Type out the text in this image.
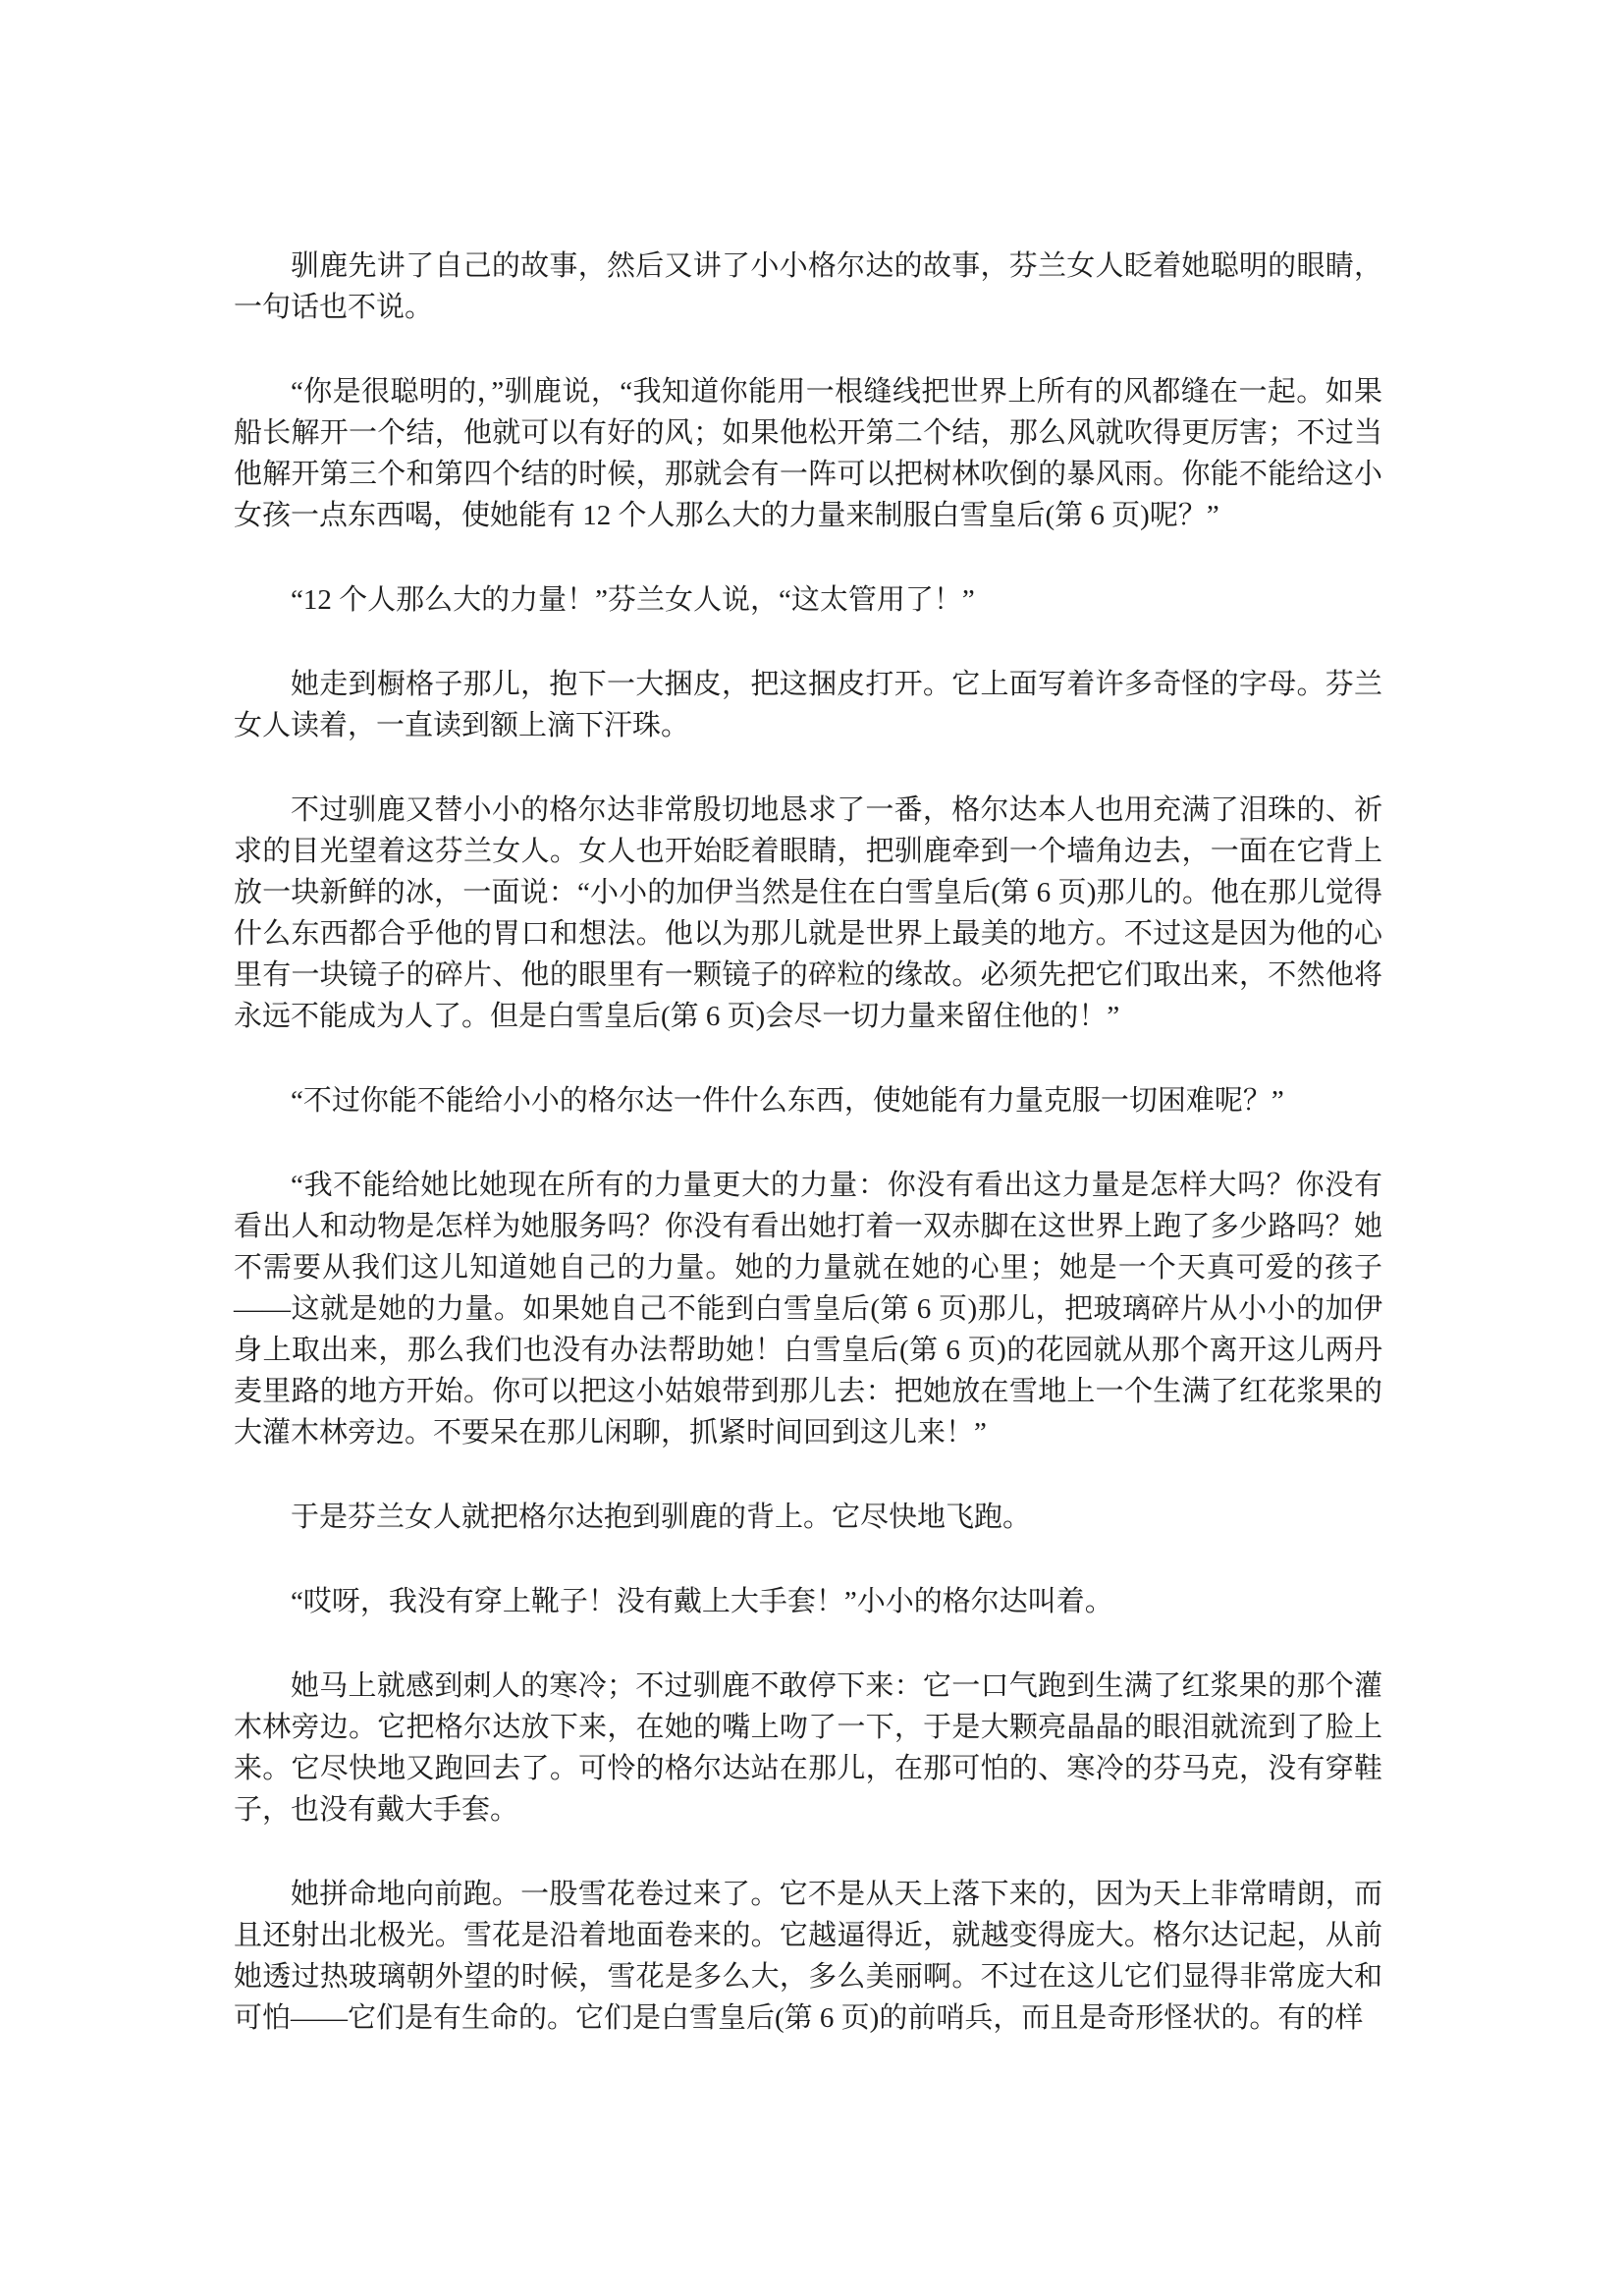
驯鹿先讲了自己的故事，然后又讲了小小格尔达的故事，芬兰女人眨着她聪明的眼睛，一句话也不说。

“你是很聪明的，”驯鹿说，“我知道你能用一根缝线把世界上所有的风都缝在一起。如果船长解开一个结，他就可以有好的风；如果他松开第二个结，那么风就吹得更厉害；不过当他解开第三个和第四个结的时候，那就会有一阵可以把树林吹倒的暴风雨。你能不能给这小女孩一点东西喝，使她能有 12 个人那么大的力量来制服白雪皇后(第 6 页)呢？”

“12 个人那么大的力量！”芬兰女人说，“这太管用了！”

她走到橱格子那儿，抱下一大捆皮，把这捆皮打开。它上面写着许多奇怪的字母。芬兰女人读着，一直读到额上滴下汗珠。

不过驯鹿又替小小的格尔达非常殷切地恳求了一番，格尔达本人也用充满了泪珠的、祈求的目光望着这芬兰女人。女人也开始眨着眼睛，把驯鹿牵到一个墙角边去，一面在它背上放一块新鲜的冰，一面说：“小小的加伊当然是住在白雪皇后(第 6 页)那儿的。他在那儿觉得什么东西都合乎他的胃口和想法。他以为那儿就是世界上最美的地方。不过这是因为他的心里有一块镜子的碎片、他的眼里有一颗镜子的碎粒的缘故。必须先把它们取出来，不然他将永远不能成为人了。但是白雪皇后(第 6 页)会尽一切力量来留住他的！”

“不过你能不能给小小的格尔达一件什么东西，使她能有力量克服一切困难呢？”

“我不能给她比她现在所有的力量更大的力量：你没有看出这力量是怎样大吗？你没有看出人和动物是怎样为她服务吗？你没有看出她打着一双赤脚在这世界上跑了多少路吗？她不需要从我们这儿知道她自己的力量。她的力量就在她的心里；她是一个天真可爱的孩子——这就是她的力量。如果她自己不能到白雪皇后(第 6 页)那儿，把玻璃碎片从小小的加伊身上取出来，那么我们也没有办法帮助她！白雪皇后(第 6 页)的花园就从那个离开这儿两丹麦里路的地方开始。你可以把这小姑娘带到那儿去：把她放在雪地上一个生满了红花浆果的大灌木林旁边。不要呆在那儿闲聊，抓紧时间回到这儿来！”

于是芬兰女人就把格尔达抱到驯鹿的背上。它尽快地飞跑。

“哎呀，我没有穿上靴子！没有戴上大手套！”小小的格尔达叫着。

她马上就感到刺人的寒冷；不过驯鹿不敢停下来：它一口气跑到生满了红浆果的那个灌木林旁边。它把格尔达放下来，在她的嘴上吻了一下，于是大颗亮晶晶的眼泪就流到了脸上来。它尽快地又跑回去了。可怜的格尔达站在那儿，在那可怕的、寒冷的芬马克，没有穿鞋子，也没有戴大手套。

她拼命地向前跑。一股雪花卷过来了。它不是从天上落下来的，因为天上非常晴朗，而且还射出北极光。雪花是沿着地面卷来的。它越逼得近，就越变得庞大。格尔达记起，从前她透过热玻璃朝外望的时候，雪花是多么大，多么美丽啊。不过在这儿它们显得非常庞大和可怕——它们是有生命的。它们是白雪皇后(第 6 页)的前哨兵，而且是奇形怪状的。有的样
